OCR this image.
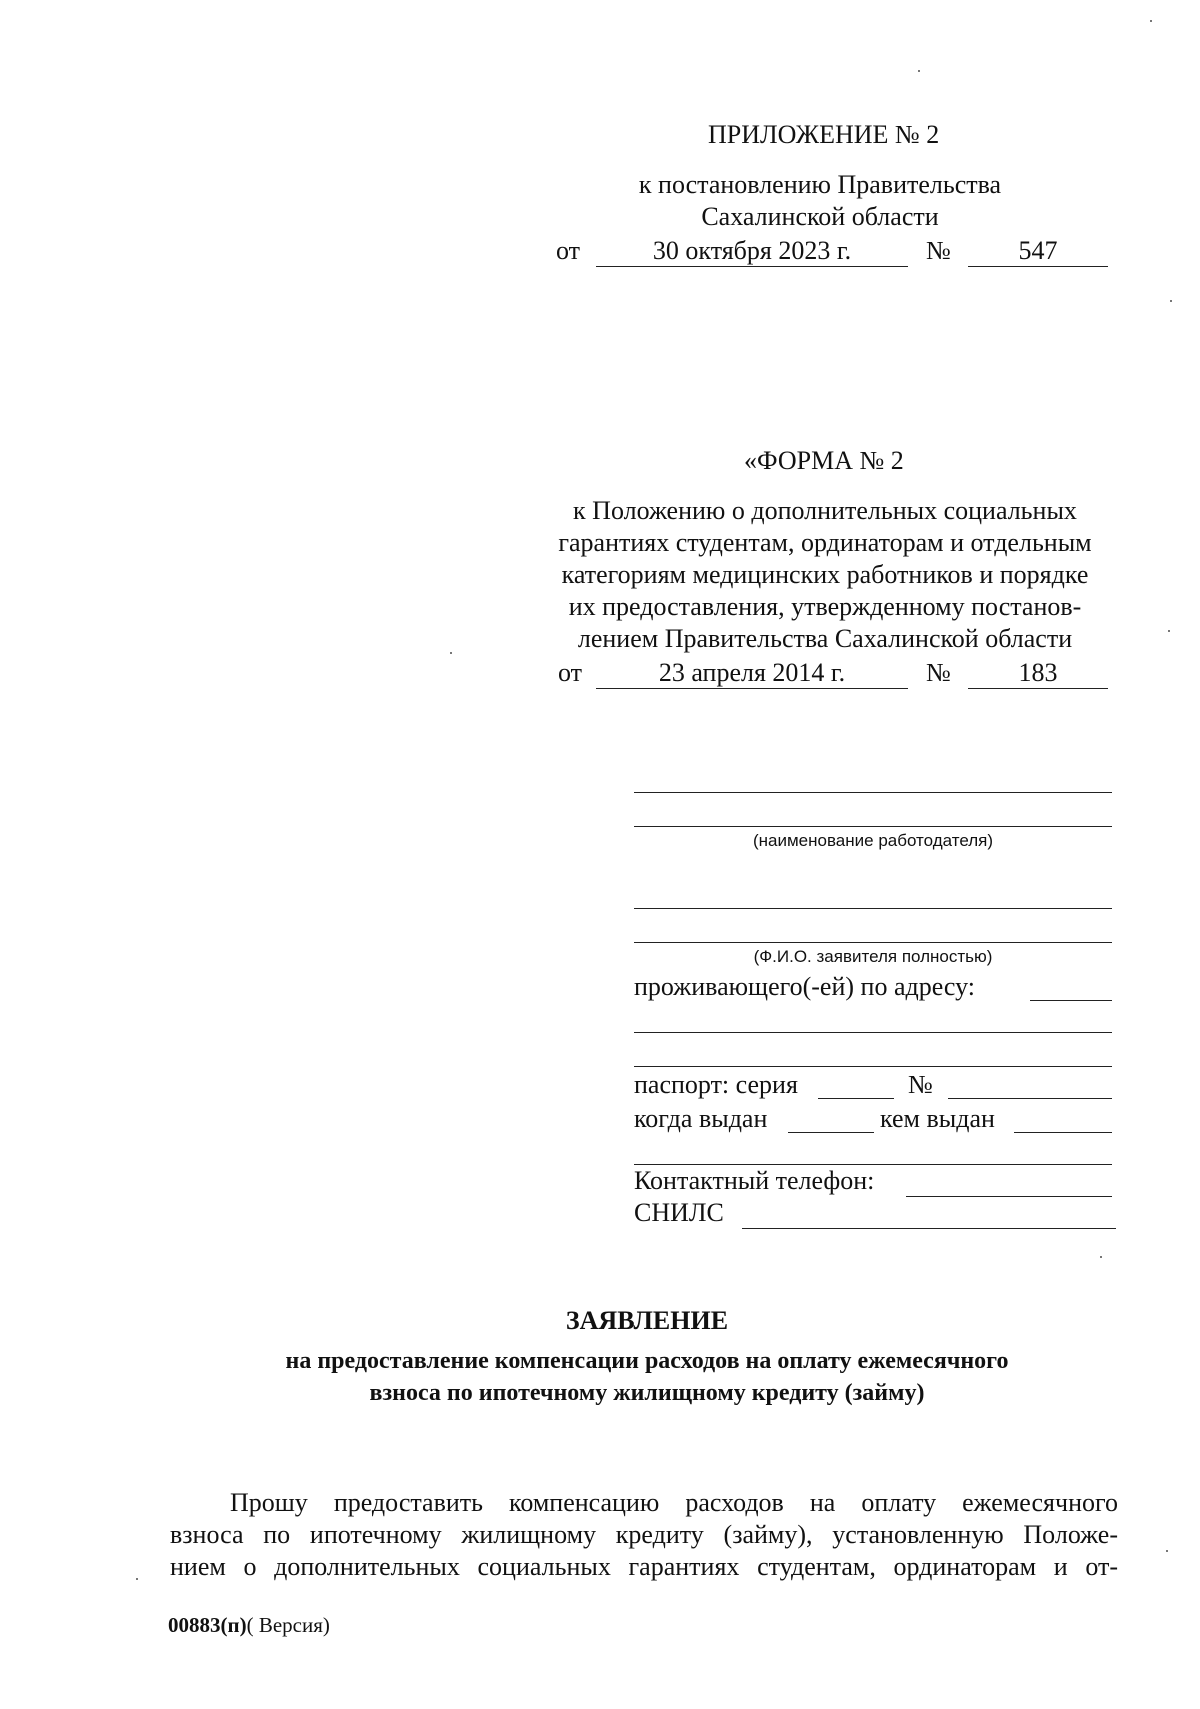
ПРИЛОЖЕНИЕ № 2
к постановлению Правительства
Сахалинской области
от	30 октября 2023 г.	№	547
«ФОРМА № 2
к Положению о дополнительных социальных
гарантиях студентам, ординаторам и отдельным
категориям медицинских работников и порядке
их предоставления, утвержденному постанов-
лением Правительства Сахалинской области
от	23 апреля 2014 г.	№	183
(наименование работодателя)
(Ф.И.О. заявителя полностью)
проживающего(-ей) по адресу:
паспорт: серия	№
когда выдан	кем выдан
Контактный телефон:
СНИЛС
ЗАЯВЛЕНИЕ
на предоставление компенсации расходов на оплату ежемесячного
взноса по ипотечному жилищному кредиту (займу)
Прошу предоставить компенсацию расходов на оплату ежемесячного
взноса по ипотечному жилищному кредиту (займу), установленную Положе-
нием о дополнительных социальных гарантиях студентам, ординаторам и от-
00883(п)( Версия)
